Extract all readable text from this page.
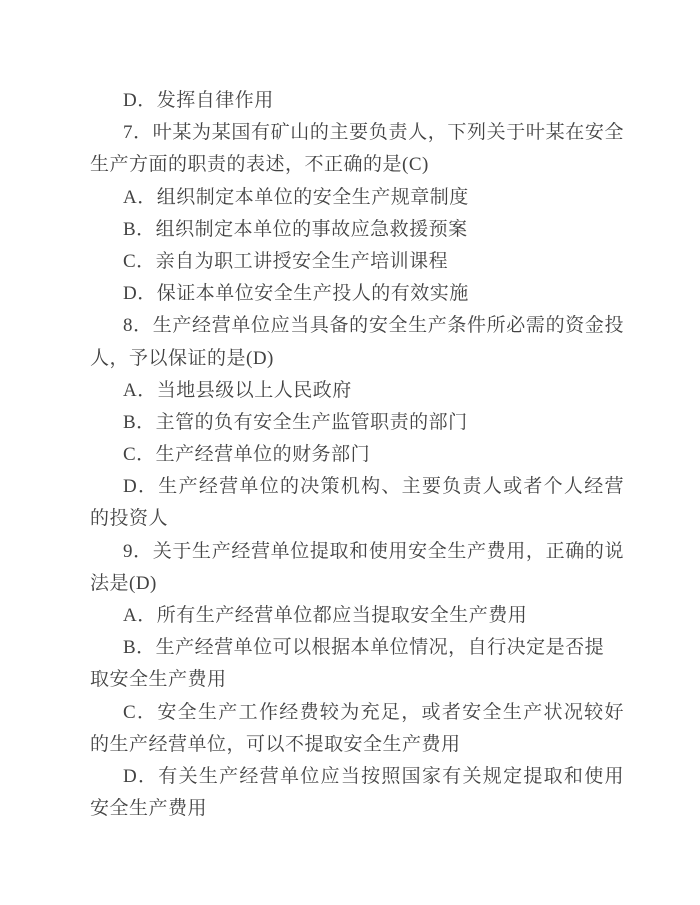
D．发挥自律作用
7．叶某为某国有矿山的主要负责人，下列关于叶某在安全
生产方面的职责的表述，不正确的是(C)
A．组织制定本单位的安全生产规章制度
B．组织制定本单位的事故应急救援预案
C．亲自为职工讲授安全生产培训课程
D．保证本单位安全生产投人的有效实施
8．生产经营单位应当具备的安全生产条件所必需的资金投
人，予以保证的是(D)
A．当地县级以上人民政府
B．主管的负有安全生产监管职责的部门
C．生产经营单位的财务部门
D．生产经营单位的决策机构、主要负责人或者个人经营
的投资人
9．关于生产经营单位提取和使用安全生产费用，正确的说
法是(D)
A．所有生产经营单位都应当提取安全生产费用
B．生产经营单位可以根据本单位情况，自行决定是否提
取安全生产费用
C．安全生产工作经费较为充足，或者安全生产状况较好
的生产经营单位，可以不提取安全生产费用
D．有关生产经营单位应当按照国家有关规定提取和使用
安全生产费用
